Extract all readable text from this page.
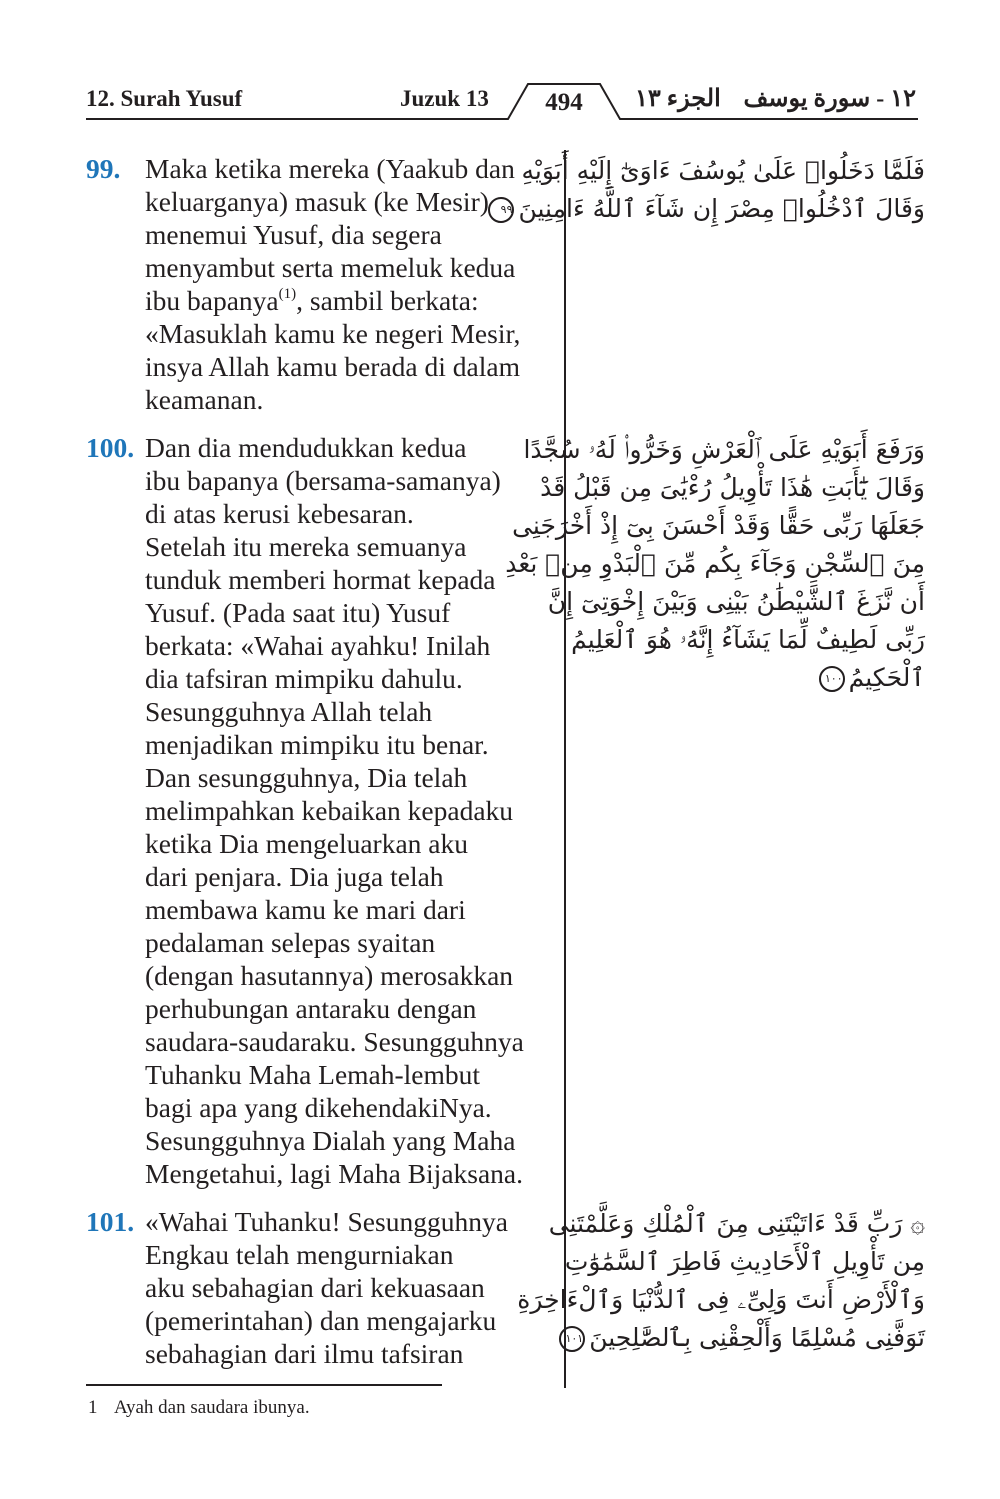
12. Surah Yusuf	Juzuk 13	494	الجزء ١٣ ١٢ - سورة يوسف
99. Maka ketika mereka (Yaakub dan
keluarganya) masuk (ke Mesir)
menemui Yusuf, dia segera
menyambut serta memeluk kedua
ibu bapanya$^{(1)}$, sambil berkata:
«Masuklah kamu ke negeri Mesir,
insya Allah kamu berada di dalam
keamanan.
فَلَمَّا دَخَلُوا۟ عَلَىٰ يُوسُفَ ءَاوَىٰٓ إِلَيْهِ أَبَوَيْهِ
وَقَالَ ٱدْخُلُوا۟ مِصْرَ إِن شَآءَ ٱللَّهُ ءَامِنِينَ٩٩
100. Dan dia mendudukkan kedua
ibu bapanya (bersama-samanya)
di atas kerusi kebesaran.
Setelah itu mereka semuanya
tunduk memberi hormat kepada
Yusuf. (Pada saat itu) Yusuf
berkata: «Wahai ayahku! Inilah
dia tafsiran mimpiku dahulu.
Sesungguhnya Allah telah
menjadikan mimpiku itu benar.
Dan sesungguhnya, Dia telah
melimpahkan kebaikan kepadaku
ketika Dia mengeluarkan aku
dari penjara. Dia juga telah
membawa kamu ke mari dari
pedalaman selepas syaitan
(dengan hasutannya) merosakkan
perhubungan antaraku dengan
saudara-saudaraku. Sesungguhnya
Tuhanku Maha Lemah-lembut
bagi apa yang dikehendakiNya.
Sesungguhnya Dialah yang Maha
Mengetahui, lagi Maha Bijaksana.
وَرَفَعَ أَبَوَيْهِ عَلَى ٱلْعَرْشِ وَخَرُّوا۟ لَهُۥ سُجَّدًا
وَقَالَ يَٰٓأَبَتِ هَٰذَا تَأْوِيلُ رُءْيَٰىَ مِن قَبْلُ قَدْ
جَعَلَهَا رَبِّى حَقًّا وَقَدْ أَحْسَنَ بِىٓ إِذْ أَخْرَجَنِى
مِنَ ٱلسِّجْنِ وَجَآءَ بِكُم مِّنَ ٱلْبَدْوِ مِنۢ بَعْدِ
أَن نَّزَغَ ٱلشَّيْطَٰنُ بَيْنِى وَبَيْنَ إِخْوَتِىٓ إِنَّ
رَبِّى لَطِيفٌ لِّمَا يَشَآءُ إِنَّهُۥ هُوَ ٱلْعَلِيمُ
ٱلْحَكِيمُ١٠٠
101. «Wahai Tuhanku! Sesungguhnya
Engkau telah mengurniakan
aku sebahagian dari kekuasaan
(pemerintahan) dan mengajarku
sebahagian dari ilmu tafsiran
۞ رَبِّ قَدْ ءَاتَيْتَنِى مِنَ ٱلْمُلْكِ وَعَلَّمْتَنِى
مِن تَأْوِيلِ ٱلْأَحَادِيثِ فَاطِرَ ٱلسَّمَٰوَٰتِ
وَٱلْأَرْضِ أَنتَ وَلِىِّۦ فِى ٱلدُّنْيَا وَٱلْءَاخِرَةِ
تَوَفَّنِى مُسْلِمًا وَأَلْحِقْنِى بِٱلصَّٰلِحِينَ١٠١
1 Ayah dan saudara ibunya.
